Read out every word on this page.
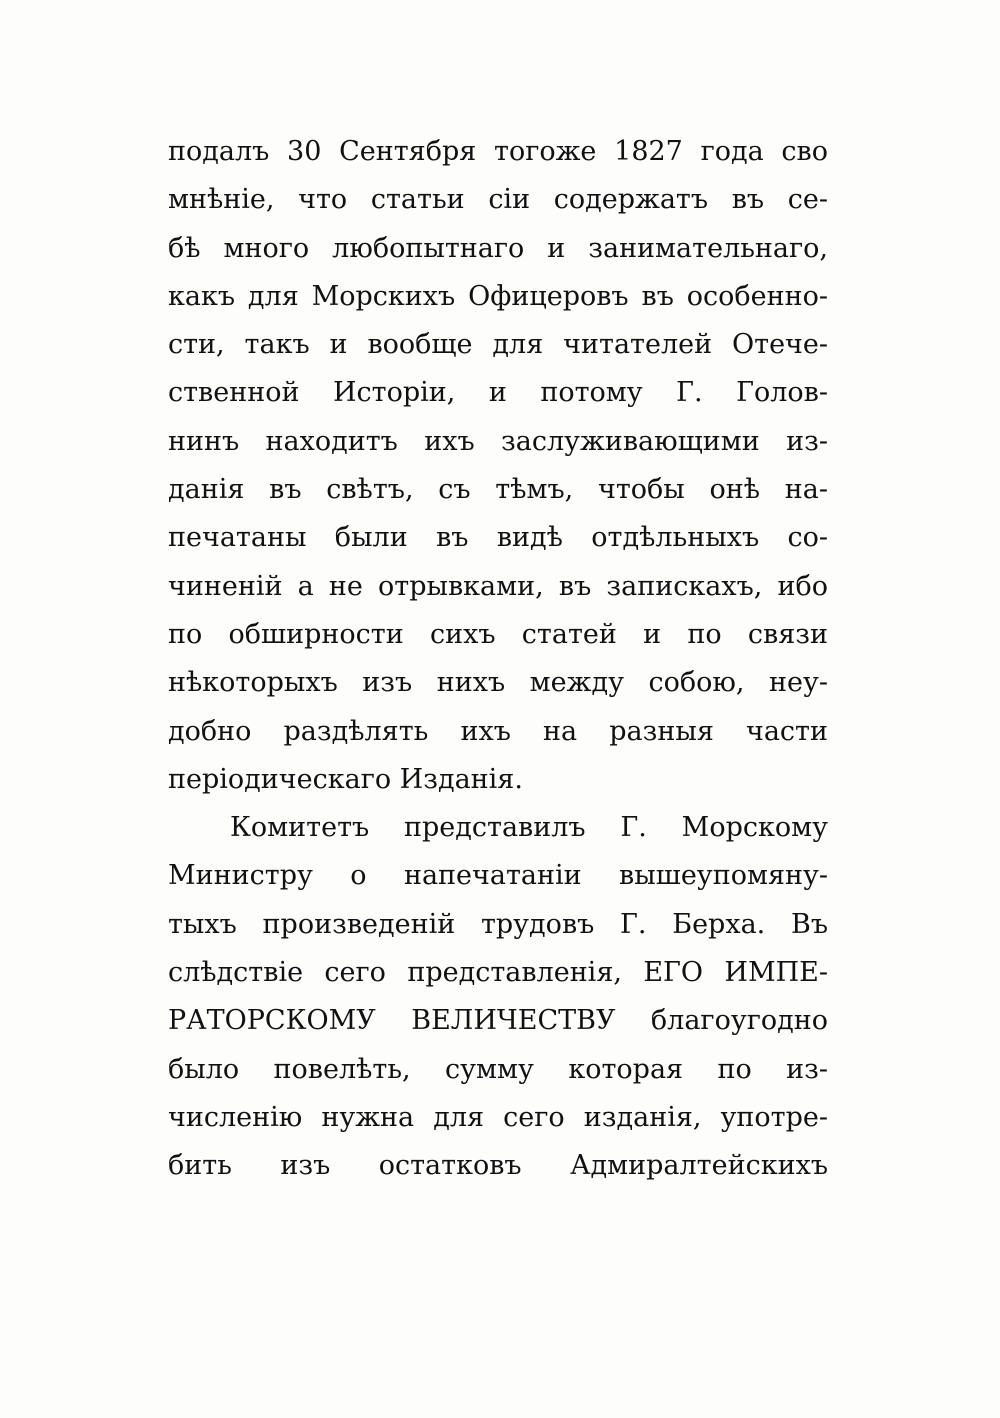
подалъ 30 Сентября тогоже 1827 года сво
мнѣніе, что статьи сіи содержатъ въ се-
бѣ много любопытнаго и занимательнаго,
какъ для Морскихъ Офицеровъ въ особенно-
сти, такъ и вообще для читателей Отече-
ственной Исторіи, и потому Г. Голов-
нинъ находитъ ихъ заслуживающими из-
данія въ свѣтъ, съ тѣмъ, чтобы онѣ на-
печатаны были въ видѣ отдѣльныхъ со-
чиненій а не отрывками, въ запискахъ, ибо
по обширности сихъ статей и по связи
нѣкоторыхъ изъ нихъ между собою, неу-
добно раздѣлять ихъ на разныя части
періодическаго Изданія.
Комитетъ представилъ Г. Морскому
Министру о напечатаніи вышеупомяну-
тыхъ произведеній трудовъ Г. Берха. Въ
слѣдствіе сего представленія, ЕГО ИМПЕ-
РАТОРСКОМУ ВЕЛИЧЕСТВУ благоугодно
было повелѣть, сумму которая по из-
численію нужна для сего изданія, употре-
бить изъ остатковъ Адмиралтейскихъ
